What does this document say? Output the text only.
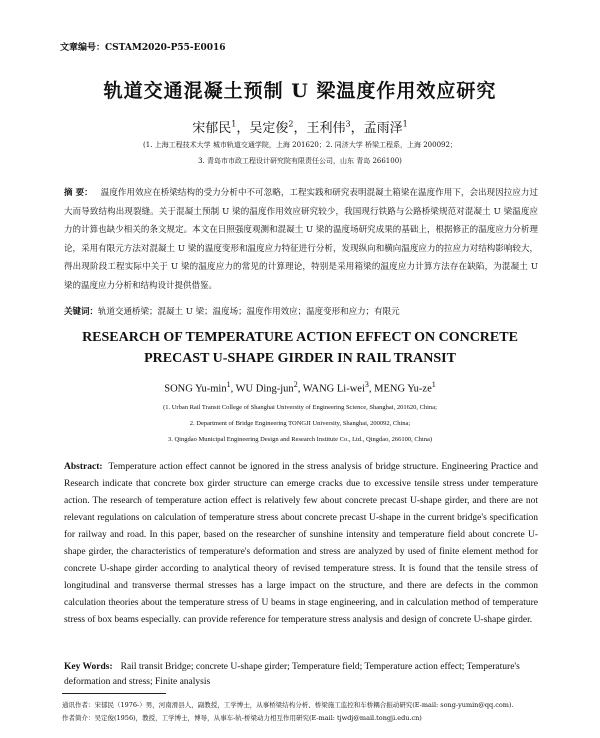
文章编号：CSTAM2020-P55-E0016
轨道交通混凝土预制 U 梁温度作用效应研究
宋郁民$^1$，吴定俊$^2$，王利伟$^3$，孟雨泽$^1$
(1. 上海工程技术大学 城市轨道交通学院，上海 201620；2. 同济大学 桥梁工程系，上海 200092；
3. 青岛市市政工程设计研究院有限责任公司，山东 青岛 266100)
摘 要： 温度作用效应在桥梁结构的受力分析中不可忽略，工程实践和研究表明混凝土箱梁在温度作用下，会出现因拉应力过大而导致结构出现裂缝。关于混凝土预制 U 梁的温度作用效应研究较少，我国现行铁路与公路桥梁规范对混凝土 U 梁温度应力的计算也缺少相关的条文规定。本文在日照强度观测和混凝土 U 梁的温度场研究成果的基础上，根据修正的温度应力分析理论，采用有限元方法对混凝土 U 梁的温度变形和温度应力特征进行分析，发现纵向和横向温度应力的拉应力对结构影响较大，得出现阶段工程实际中关于 U 梁的温度应力的常见的计算理论，特别是采用箱梁的温度应力计算方法存在缺陷，为混凝土 U 梁的温度应力分析和结构设计提供借鉴。
关键词：轨道交通桥梁；混凝土 U 梁；温度场；温度作用效应；温度变形和应力；有限元
RESEARCH OF TEMPERATURE ACTION EFFECT ON CONCRETE
PRECAST U-SHAPE GIRDER IN RAIL TRANSIT
SONG $Yu-\min^1$, WU Ding-jun$^2$, WANG Li-wei$^3$, MENG $Yu-ze^1$
(1. Urban Rail Transit College of Shanghai University of Engineering Science, Shanghai, 201620, China;
2. Department of Bridge Engineering TONGJI University, Shanghai, 200092, China;
3. Qingdao Municipal Engineering Design and Research Institute Co., Ltd., Qingdao, 266100, China)
Abstract: Temperature action effect cannot be ignored in the stress analysis of bridge structure. Engineering Practice and Research indicate that concrete box girder structure can emerge cracks due to excessive tensile stress under temperature action. The research of temperature action effect is relatively few about concrete precast U-shape girder, and there are not relevant regulations on calculation of temperature stress about concrete precast U-shape in the current bridge's specification for railway and road. In this paper, based on the researcher of sunshine intensity and temperature field about concrete U-shape girder, the characteristics of temperature's deformation and stress are analyzed by used of finite element method for concrete U-shape girder according to analytical theory of revised temperature stress. It is found that the tensile stress of longitudinal and transverse thermal stresses has a large impact on the structure, and there are defects in the common calculation theories about the temperature stress of U beams in stage engineering, and in calculation method of temperature stress of box beams especially. can provide reference for temperature stress analysis and design of concrete U-shape girder.
Key Words: Rail transit Bridge; concrete U-shape girder; Temperature field; Temperature action effect; Temperature's deformation and stress; Finite analysis
通讯作者：宋郁民（1976-）男，河南滑县人，副教授，工学博士，从事桥梁结构分析、桥梁施工监控和车桥耦合振动研究(E-mail: song-yumin@qq.com).
作者简介：吴定俊(1956)，教授，工学博士，博导，从事车-轨-桥梁动力相互作用研究(E-mail: tjwdj@mail.tongji.edu.cn)
